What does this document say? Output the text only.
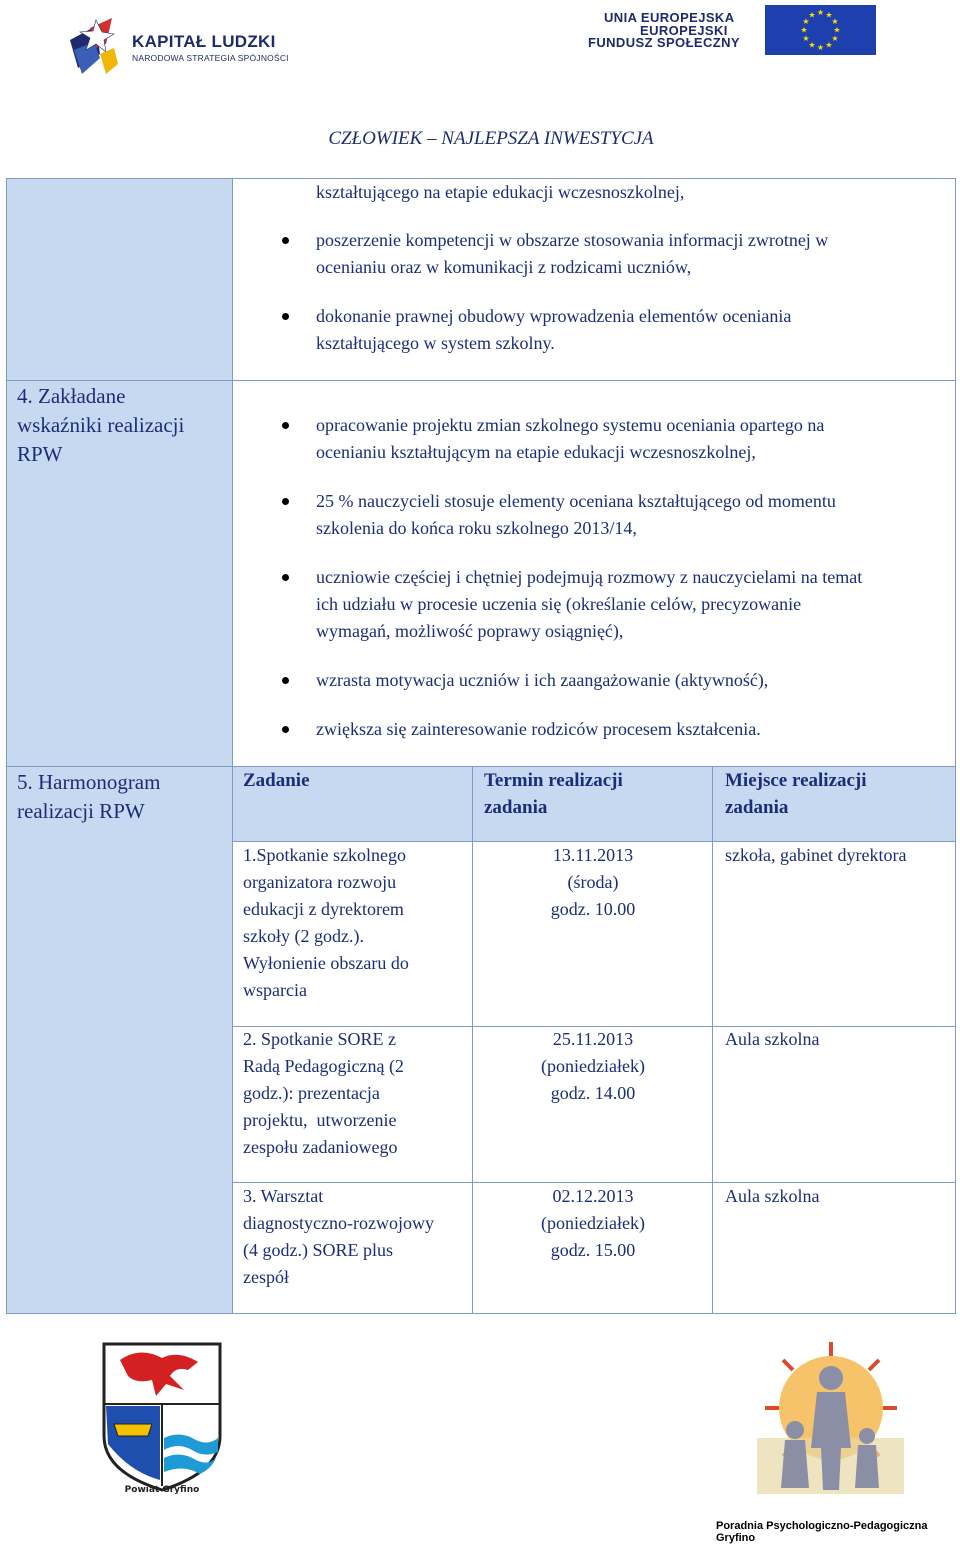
KAPITAŁ LUDZKI
NARODOWA STRATEGIA SPÓJNOŚCI
UNIA EUROPEJSKA
EUROPEJSKI
FUNDUSZ SPOŁECZNY
★ ★
★
★
★
★
★
★
★
★
★
★
CZŁOWIEK – NAJLEPSZA INWESTYCJA
kształtującego na etapie edukacji wczesnoszkolnej,
poszerzenie kompetencji w obszarze stosowania informacji zwrotnej w
ocenianiu oraz w komunikacji z rodzicami uczniów,
dokonanie prawnej obudowy wprowadzenia elementów oceniania
kształtującego w system szkolny.
4. Zakładane
wskaźniki realizacji
RPW
opracowanie projektu zmian szkolnego systemu oceniania opartego na
ocenianiu kształtującym na etapie edukacji wczesnoszkolnej,
25 % nauczycieli stosuje elementy oceniana kształtującego od momentu
szkolenia do końca roku szkolnego 2013/14,
uczniowie częściej i chętniej podejmują rozmowy z nauczycielami na temat
ich udziału w procesie uczenia się (określanie celów, precyzowanie
wymagań, możliwość poprawy osiągnięć),
wzrasta motywacja uczniów i ich zaangażowanie (aktywność),
zwiększa się zainteresowanie rodziców procesem kształcenia.
5. Harmonogram
realizacji RPW
Zadanie	Termin realizacji
zadania
Miejsce realizacji
zadania
1.Spotkanie szkolnego
organizatora rozwoju
edukacji z dyrektorem
szkoły (2 godz.).
Wyłonienie obszaru do
wsparcia
13.11.2013
(środa)
godz. 10.00
szkoła, gabinet dyrektora
2. Spotkanie SORE z
Radą Pedagogiczną (2
godz.): prezentacja
projektu,  utworzenie
zespołu zadaniowego
25.11.2013
(poniedziałek)
godz. 14.00
Aula szkolna
3. Warsztat
diagnostyczno-rozwojowy
(4 godz.) SORE plus
zespół
02.12.2013
(poniedziałek)
godz. 15.00
Aula szkolna
Powiat Gryfino
Poradnia Psychologiczno-Pedagogiczna Gryfino
